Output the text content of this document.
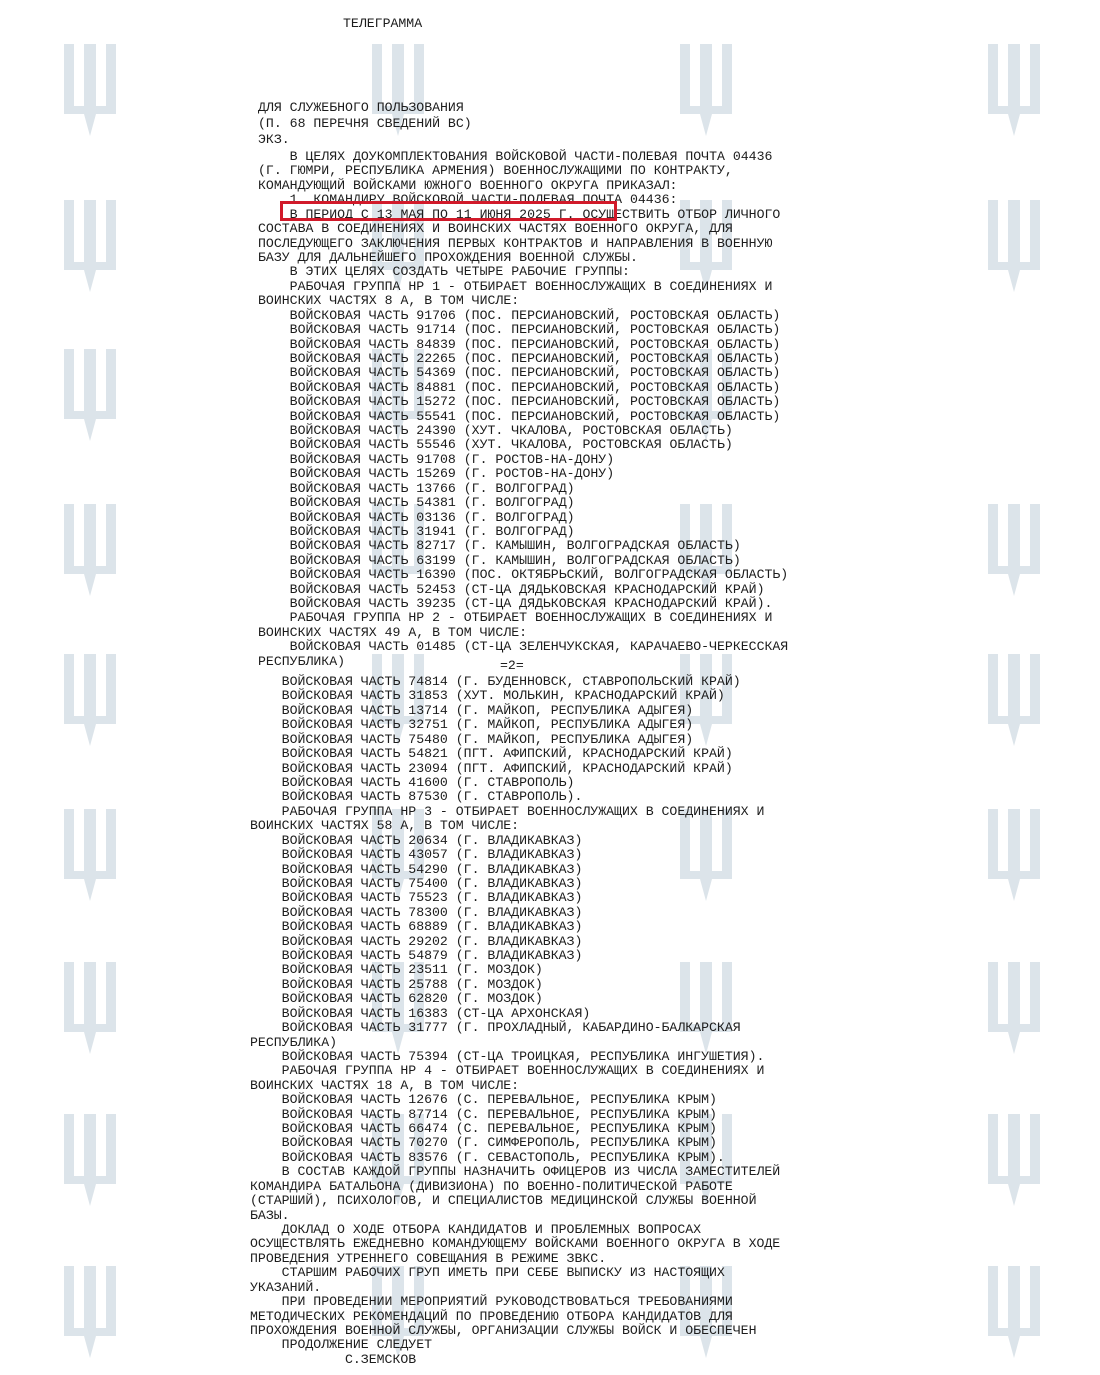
ТЕЛЕГРАММА
=2=
ДЛЯ СЛУЖЕБНОГО ПОЛЬЗОВАНИЯ
(П. 68 ПЕРЕЧНЯ СВЕДЕНИЙ ВС)
ЭКЗ.
В ЦЕЛЯХ ДОУКОМПЛЕКТОВАНИЯ ВОЙСКОВОЙ ЧАСТИ-ПОЛЕВАЯ ПОЧТА 04436
(Г. ГЮМРИ, РЕСПУБЛИКА АРМЕНИЯ) ВОЕННОСЛУЖАЩИМИ ПО КОНТРАКТУ,
КОМАНДУЮЩИЙ ВОЙСКАМИ ЮЖНОГО ВОЕННОГО ОКРУГА ПРИКАЗАЛ:
1. КОМАНДИРУ ВОЙСКОВОЙ ЧАСТИ-ПОЛЕВАЯ ПОЧТА 04436:
В ПЕРИОД С 13 МАЯ ПО 11 ИЮНЯ 2025 Г. ОСУЩЕСТВИТЬ ОТБОР ЛИЧНОГО
СОСТАВА В СОЕДИНЕНИЯХ И ВОИНСКИХ ЧАСТЯХ ВОЕННОГО ОКРУГА, ДЛЯ
ПОСЛЕДУЮЩЕГО ЗАКЛЮЧЕНИЯ ПЕРВЫХ КОНТРАКТОВ И НАПРАВЛЕНИЯ В ВОЕННУЮ
БАЗУ ДЛЯ ДАЛЬНЕЙШЕГО ПРОХОЖДЕНИЯ ВОЕННОЙ СЛУЖБЫ.
В ЭТИХ ЦЕЛЯХ СОЗДАТЬ ЧЕТЫРЕ РАБОЧИЕ ГРУППЫ:
РАБОЧАЯ ГРУППА НР 1 - ОТБИРАЕТ ВОЕННОСЛУЖАЩИХ В СОЕДИНЕНИЯХ И
ВОИНСКИХ ЧАСТЯХ 8 А, В ТОМ ЧИСЛЕ:
ВОЙСКОВАЯ ЧАСТЬ 91706 (ПОС. ПЕРСИАНОВСКИЙ, РОСТОВСКАЯ ОБЛАСТЬ)
ВОЙСКОВАЯ ЧАСТЬ 91714 (ПОС. ПЕРСИАНОВСКИЙ, РОСТОВСКАЯ ОБЛАСТЬ)
ВОЙСКОВАЯ ЧАСТЬ 84839 (ПОС. ПЕРСИАНОВСКИЙ, РОСТОВСКАЯ ОБЛАСТЬ)
ВОЙСКОВАЯ ЧАСТЬ 22265 (ПОС. ПЕРСИАНОВСКИЙ, РОСТОВСКАЯ ОБЛАСТЬ)
ВОЙСКОВАЯ ЧАСТЬ 54369 (ПОС. ПЕРСИАНОВСКИЙ, РОСТОВСКАЯ ОБЛАСТЬ)
ВОЙСКОВАЯ ЧАСТЬ 84881 (ПОС. ПЕРСИАНОВСКИЙ, РОСТОВСКАЯ ОБЛАСТЬ)
ВОЙСКОВАЯ ЧАСТЬ 15272 (ПОС. ПЕРСИАНОВСКИЙ, РОСТОВСКАЯ ОБЛАСТЬ)
ВОЙСКОВАЯ ЧАСТЬ 55541 (ПОС. ПЕРСИАНОВСКИЙ, РОСТОВСКАЯ ОБЛАСТЬ)
ВОЙСКОВАЯ ЧАСТЬ 24390 (ХУТ. ЧКАЛОВА, РОСТОВСКАЯ ОБЛАСТЬ)
ВОЙСКОВАЯ ЧАСТЬ 55546 (ХУТ. ЧКАЛОВА, РОСТОВСКАЯ ОБЛАСТЬ)
ВОЙСКОВАЯ ЧАСТЬ 91708 (Г. РОСТОВ-НА-ДОНУ)
ВОЙСКОВАЯ ЧАСТЬ 15269 (Г. РОСТОВ-НА-ДОНУ)
ВОЙСКОВАЯ ЧАСТЬ 13766 (Г. ВОЛГОГРАД)
ВОЙСКОВАЯ ЧАСТЬ 54381 (Г. ВОЛГОГРАД)
ВОЙСКОВАЯ ЧАСТЬ 03136 (Г. ВОЛГОГРАД)
ВОЙСКОВАЯ ЧАСТЬ 31941 (Г. ВОЛГОГРАД)
ВОЙСКОВАЯ ЧАСТЬ 82717 (Г. КАМЫШИН, ВОЛГОГРАДСКАЯ ОБЛАСТЬ)
ВОЙСКОВАЯ ЧАСТЬ 63199 (Г. КАМЫШИН, ВОЛГОГРАДСКАЯ ОБЛАСТЬ)
ВОЙСКОВАЯ ЧАСТЬ 16390 (ПОС. ОКТЯБРЬСКИЙ, ВОЛГОГРАДСКАЯ ОБЛАСТЬ)
ВОЙСКОВАЯ ЧАСТЬ 52453 (СТ-ЦА ДЯДЬКОВСКАЯ КРАСНОДАРСКИЙ КРАЙ)
ВОЙСКОВАЯ ЧАСТЬ 39235 (СТ-ЦА ДЯДЬКОВСКАЯ КРАСНОДАРСКИЙ КРАЙ).
РАБОЧАЯ ГРУППА НР 2 - ОТБИРАЕТ ВОЕННОСЛУЖАЩИХ В СОЕДИНЕНИЯХ И
ВОИНСКИХ ЧАСТЯХ 49 А, В ТОМ ЧИСЛЕ:
ВОЙСКОВАЯ ЧАСТЬ 01485 (СТ-ЦА ЗЕЛЕНЧУКСКАЯ, КАРАЧАЕВО-ЧЕРКЕССКАЯ
РЕСПУБЛИКА)
ВОЙСКОВАЯ ЧАСТЬ 74814 (Г. БУДЕННОВСК, СТАВРОПОЛЬСКИЙ КРАЙ)
ВОЙСКОВАЯ ЧАСТЬ 31853 (ХУТ. МОЛЬКИН, КРАСНОДАРСКИЙ КРАЙ)
ВОЙСКОВАЯ ЧАСТЬ 13714 (Г. МАЙКОП, РЕСПУБЛИКА АДЫГЕЯ)
ВОЙСКОВАЯ ЧАСТЬ 32751 (Г. МАЙКОП, РЕСПУБЛИКА АДЫГЕЯ)
ВОЙСКОВАЯ ЧАСТЬ 75480 (Г. МАЙКОП, РЕСПУБЛИКА АДЫГЕЯ)
ВОЙСКОВАЯ ЧАСТЬ 54821 (ПГТ. АФИПСКИЙ, КРАСНОДАРСКИЙ КРАЙ)
ВОЙСКОВАЯ ЧАСТЬ 23094 (ПГТ. АФИПСКИЙ, КРАСНОДАРСКИЙ КРАЙ)
ВОЙСКОВАЯ ЧАСТЬ 41600 (Г. СТАВРОПОЛЬ)
ВОЙСКОВАЯ ЧАСТЬ 87530 (Г. СТАВРОПОЛЬ).
РАБОЧАЯ ГРУППА НР 3 - ОТБИРАЕТ ВОЕННОСЛУЖАЩИХ В СОЕДИНЕНИЯХ И
ВОИНСКИХ ЧАСТЯХ 58 А, В ТОМ ЧИСЛЕ:
ВОЙСКОВАЯ ЧАСТЬ 20634 (Г. ВЛАДИКАВКАЗ)
ВОЙСКОВАЯ ЧАСТЬ 43057 (Г. ВЛАДИКАВКАЗ)
ВОЙСКОВАЯ ЧАСТЬ 54290 (Г. ВЛАДИКАВКАЗ)
ВОЙСКОВАЯ ЧАСТЬ 75400 (Г. ВЛАДИКАВКАЗ)
ВОЙСКОВАЯ ЧАСТЬ 75523 (Г. ВЛАДИКАВКАЗ)
ВОЙСКОВАЯ ЧАСТЬ 78300 (Г. ВЛАДИКАВКАЗ)
ВОЙСКОВАЯ ЧАСТЬ 68889 (Г. ВЛАДИКАВКАЗ)
ВОЙСКОВАЯ ЧАСТЬ 29202 (Г. ВЛАДИКАВКАЗ)
ВОЙСКОВАЯ ЧАСТЬ 54879 (Г. ВЛАДИКАВКАЗ)
ВОЙСКОВАЯ ЧАСТЬ 23511 (Г. МОЗДОК)
ВОЙСКОВАЯ ЧАСТЬ 25788 (Г. МОЗДОК)
ВОЙСКОВАЯ ЧАСТЬ 62820 (Г. МОЗДОК)
ВОЙСКОВАЯ ЧАСТЬ 16383 (СТ-ЦА АРХОНСКАЯ)
ВОЙСКОВАЯ ЧАСТЬ 31777 (Г. ПРОХЛАДНЫЙ, КАБАРДИНО-БАЛКАРСКАЯ
РЕСПУБЛИКА)
ВОЙСКОВАЯ ЧАСТЬ 75394 (СТ-ЦА ТРОИЦКАЯ, РЕСПУБЛИКА ИНГУШЕТИЯ).
РАБОЧАЯ ГРУППА НР 4 - ОТБИРАЕТ ВОЕННОСЛУЖАЩИХ В СОЕДИНЕНИЯХ И
ВОИНСКИХ ЧАСТЯХ 18 А, В ТОМ ЧИСЛЕ:
ВОЙСКОВАЯ ЧАСТЬ 12676 (С. ПЕРЕВАЛЬНОЕ, РЕСПУБЛИКА КРЫМ)
ВОЙСКОВАЯ ЧАСТЬ 87714 (С. ПЕРЕВАЛЬНОЕ, РЕСПУБЛИКА КРЫМ)
ВОЙСКОВАЯ ЧАСТЬ 66474 (С. ПЕРЕВАЛЬНОЕ, РЕСПУБЛИКА КРЫМ)
ВОЙСКОВАЯ ЧАСТЬ 70270 (Г. СИМФЕРОПОЛЬ, РЕСПУБЛИКА КРЫМ)
ВОЙСКОВАЯ ЧАСТЬ 83576 (Г. СЕВАСТОПОЛЬ, РЕСПУБЛИКА КРЫМ).
В СОСТАВ КАЖДОЙ ГРУППЫ НАЗНАЧИТЬ ОФИЦЕРОВ ИЗ ЧИСЛА ЗАМЕСТИТЕЛЕЙ
КОМАНДИРА БАТАЛЬОНА (ДИВИЗИОНА) ПО ВОЕННО-ПОЛИТИЧЕСКОЙ РАБОТЕ
(СТАРШИЙ), ПСИХОЛОГОВ, И СПЕЦИАЛИСТОВ МЕДИЦИНСКОЙ СЛУЖБЫ ВОЕННОЙ
БАЗЫ.
ДОКЛАД О ХОДЕ ОТБОРА КАНДИДАТОВ И ПРОБЛЕМНЫХ ВОПРОСАХ
ОСУЩЕСТВЛЯТЬ ЕЖЕДНЕВНО КОМАНДУЮЩЕМУ ВОЙСКАМИ ВОЕННОГО ОКРУГА В ХОДЕ
ПРОВЕДЕНИЯ УТРЕННЕГО СОВЕЩАНИЯ В РЕЖИМЕ ЗВКС.
СТАРШИМ РАБОЧИХ ГРУП ИМЕТЬ ПРИ СЕБЕ ВЫПИСКУ ИЗ НАСТОЯЩИХ
УКАЗАНИЙ.
ПРИ ПРОВЕДЕНИИ МЕРОПРИЯТИЙ РУКОВОДСТВОВАТЬСЯ ТРЕБОВАНИЯМИ
МЕТОДИЧЕСКИХ РЕКОМЕНДАЦИЙ ПО ПРОВЕДЕНИЮ ОТБОРА КАНДИДАТОВ ДЛЯ
ПРОХОЖДЕНИЯ ВОЕННОЙ СЛУЖБЫ, ОРГАНИЗАЦИИ СЛУЖБЫ ВОЙСК И ОБЕСПЕЧЕН
ПРОДОЛЖЕНИЕ СЛЕДУЕТ
С.ЗЕМСКОВ
